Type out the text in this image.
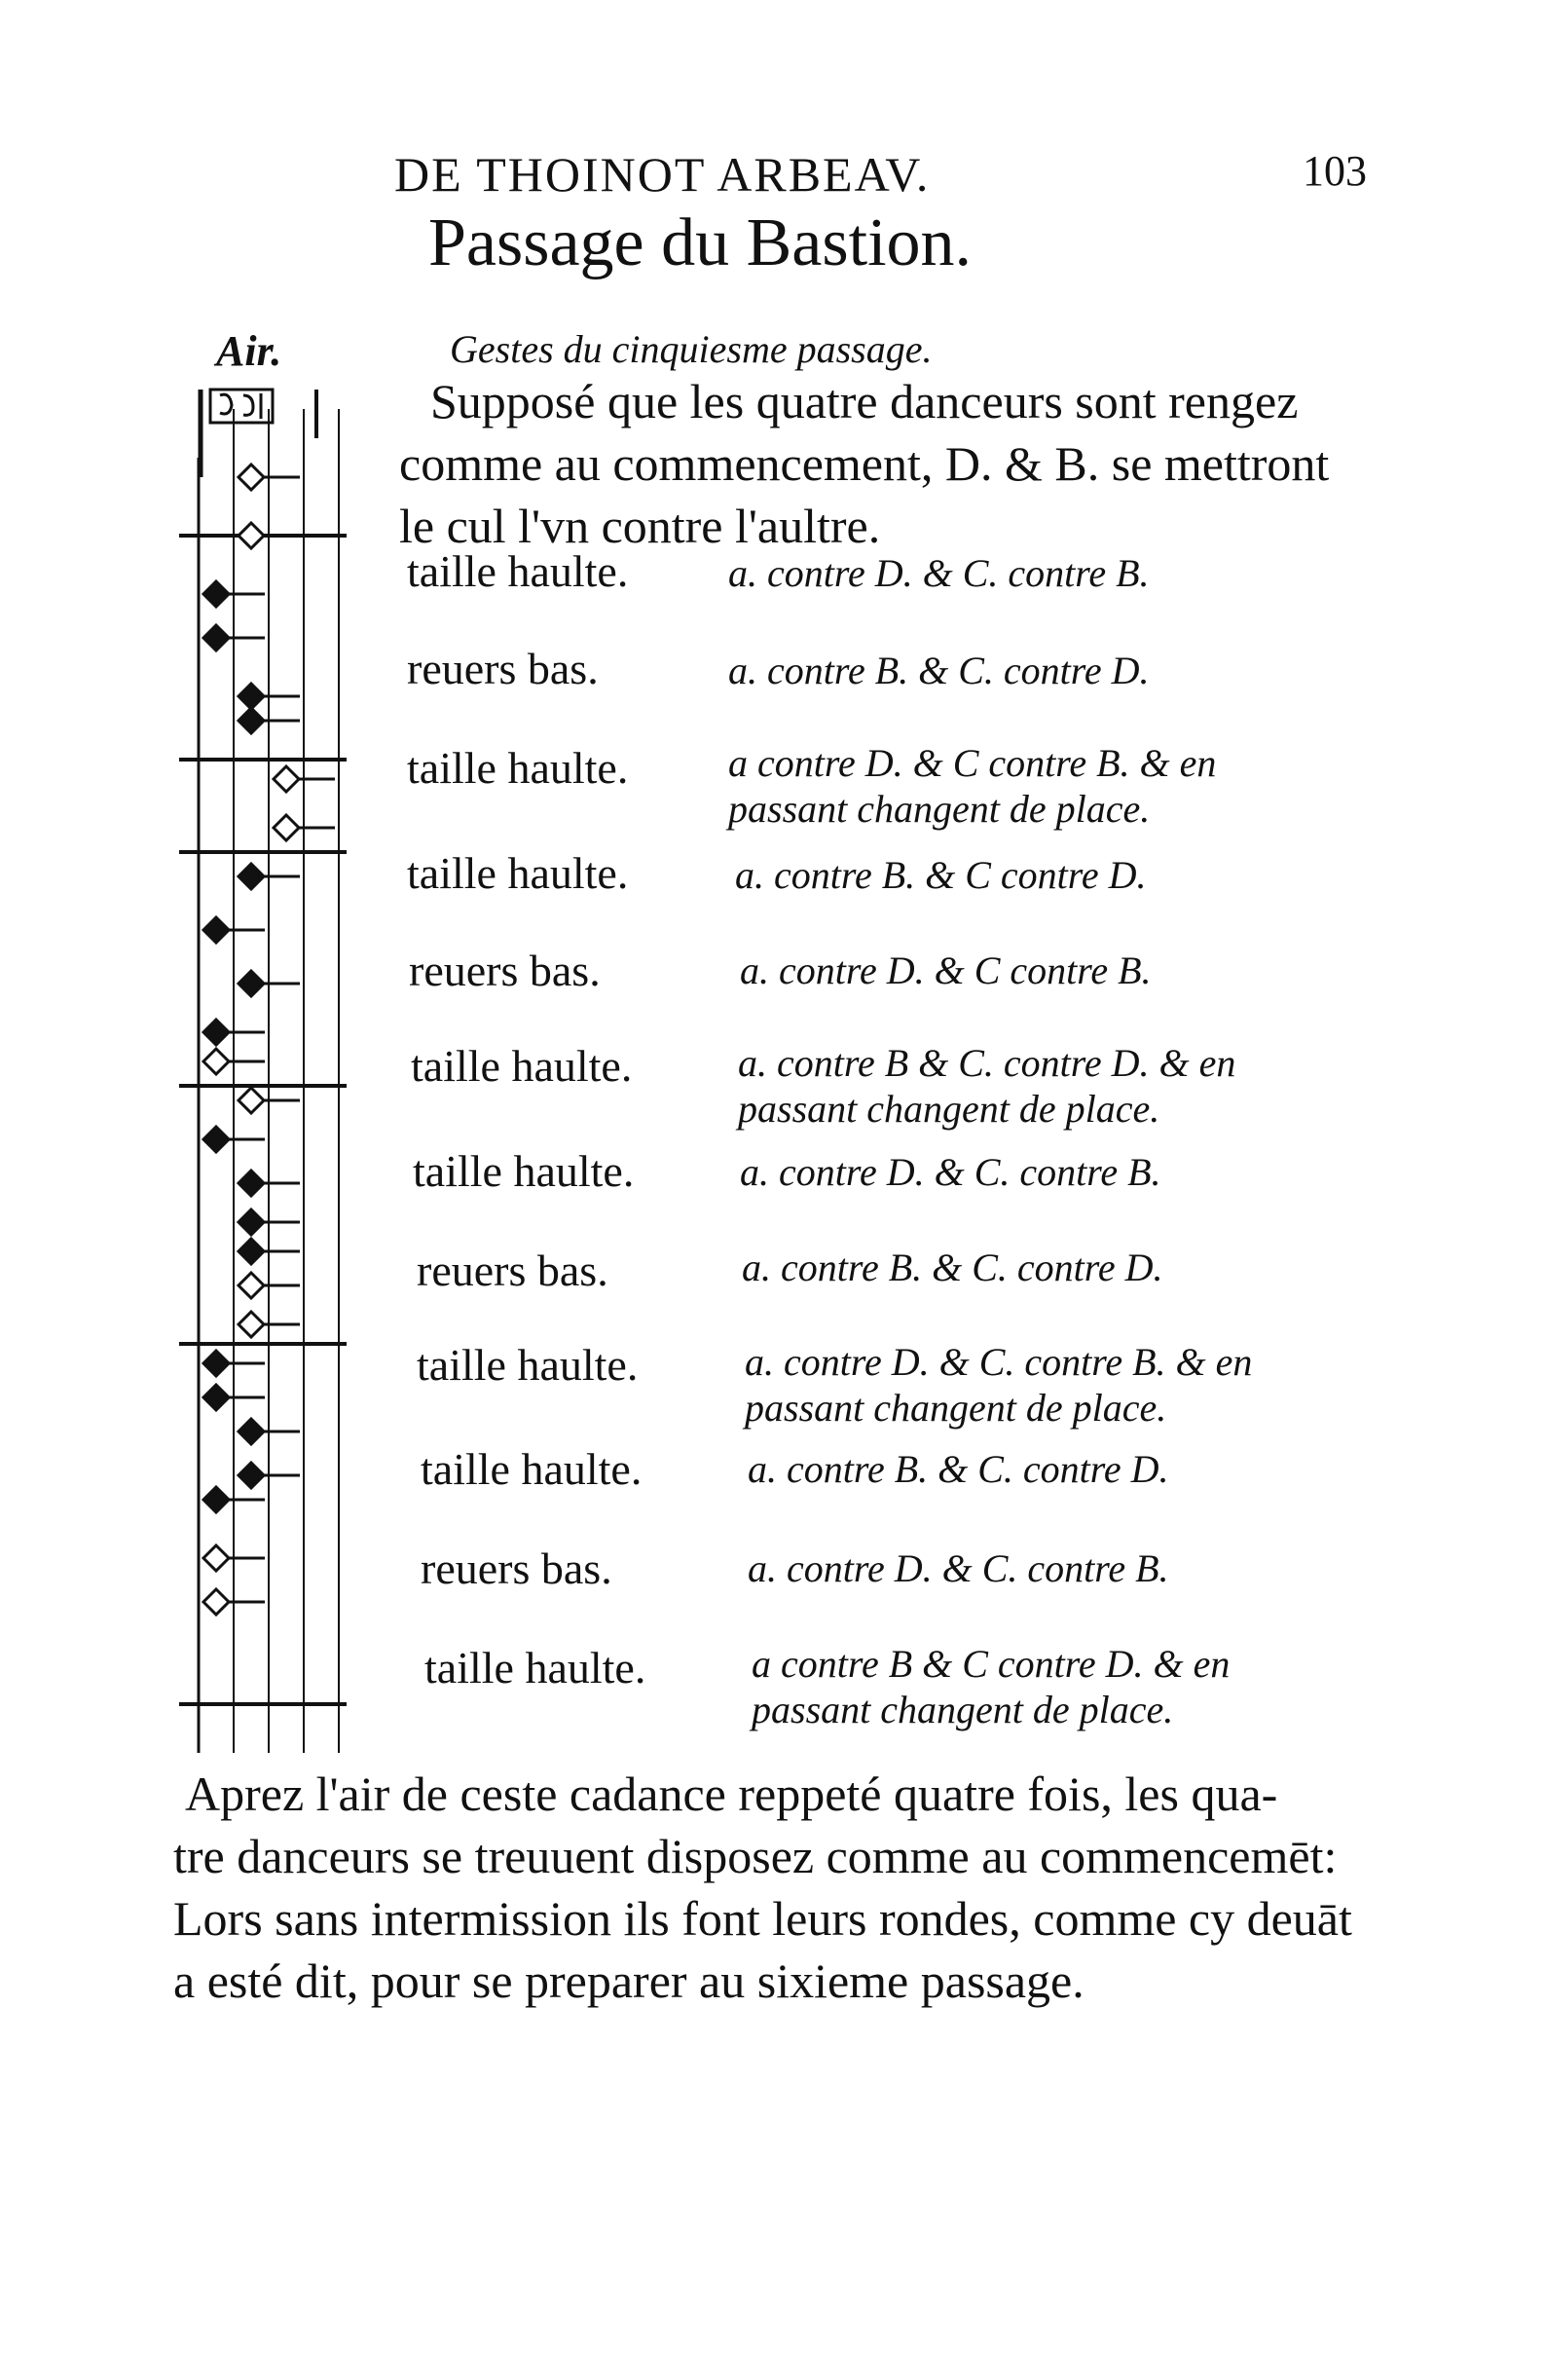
DE THOINOT ARBEAV.	103
Passage du Bastion.
Air.	Gestes du cinquiesme passage.
Supposé que les quatre danceurs sont rengez
comme au commencement, D. & B. se mettront
le cul l'vn contre l'aultre.
taille haulte.	a. contre D. & C. contre B.
reuers bas.	a. contre B. & C. contre D.
taille haulte.	a contre D. & C contre B. & en
passant changent de place.
taille haulte.	a. contre B. & C contre D.
reuers bas.	a. contre D. & C contre B.
taille haulte.	a. contre B & C. contre D. & en
passant changent de place.
taille haulte.	a. contre D. & C. contre B.
reuers bas.	a. contre B. & C. contre D.
taille haulte.	a. contre D. & C. contre B. & en
passant changent de place.
taille haulte.	a. contre B. & C. contre D.
reuers bas.	a. contre D. & C. contre B.
taille haulte.	a contre B & C contre D. & en
passant changent de place.
Aprez l'air de ceste cadance reppeté quatre fois, les qua-
tre danceurs se treuuent disposez comme au commencemēt:
Lors sans intermission ils font leurs rondes, comme cy deuāt
a esté dit, pour se preparer au sixieme passage.
